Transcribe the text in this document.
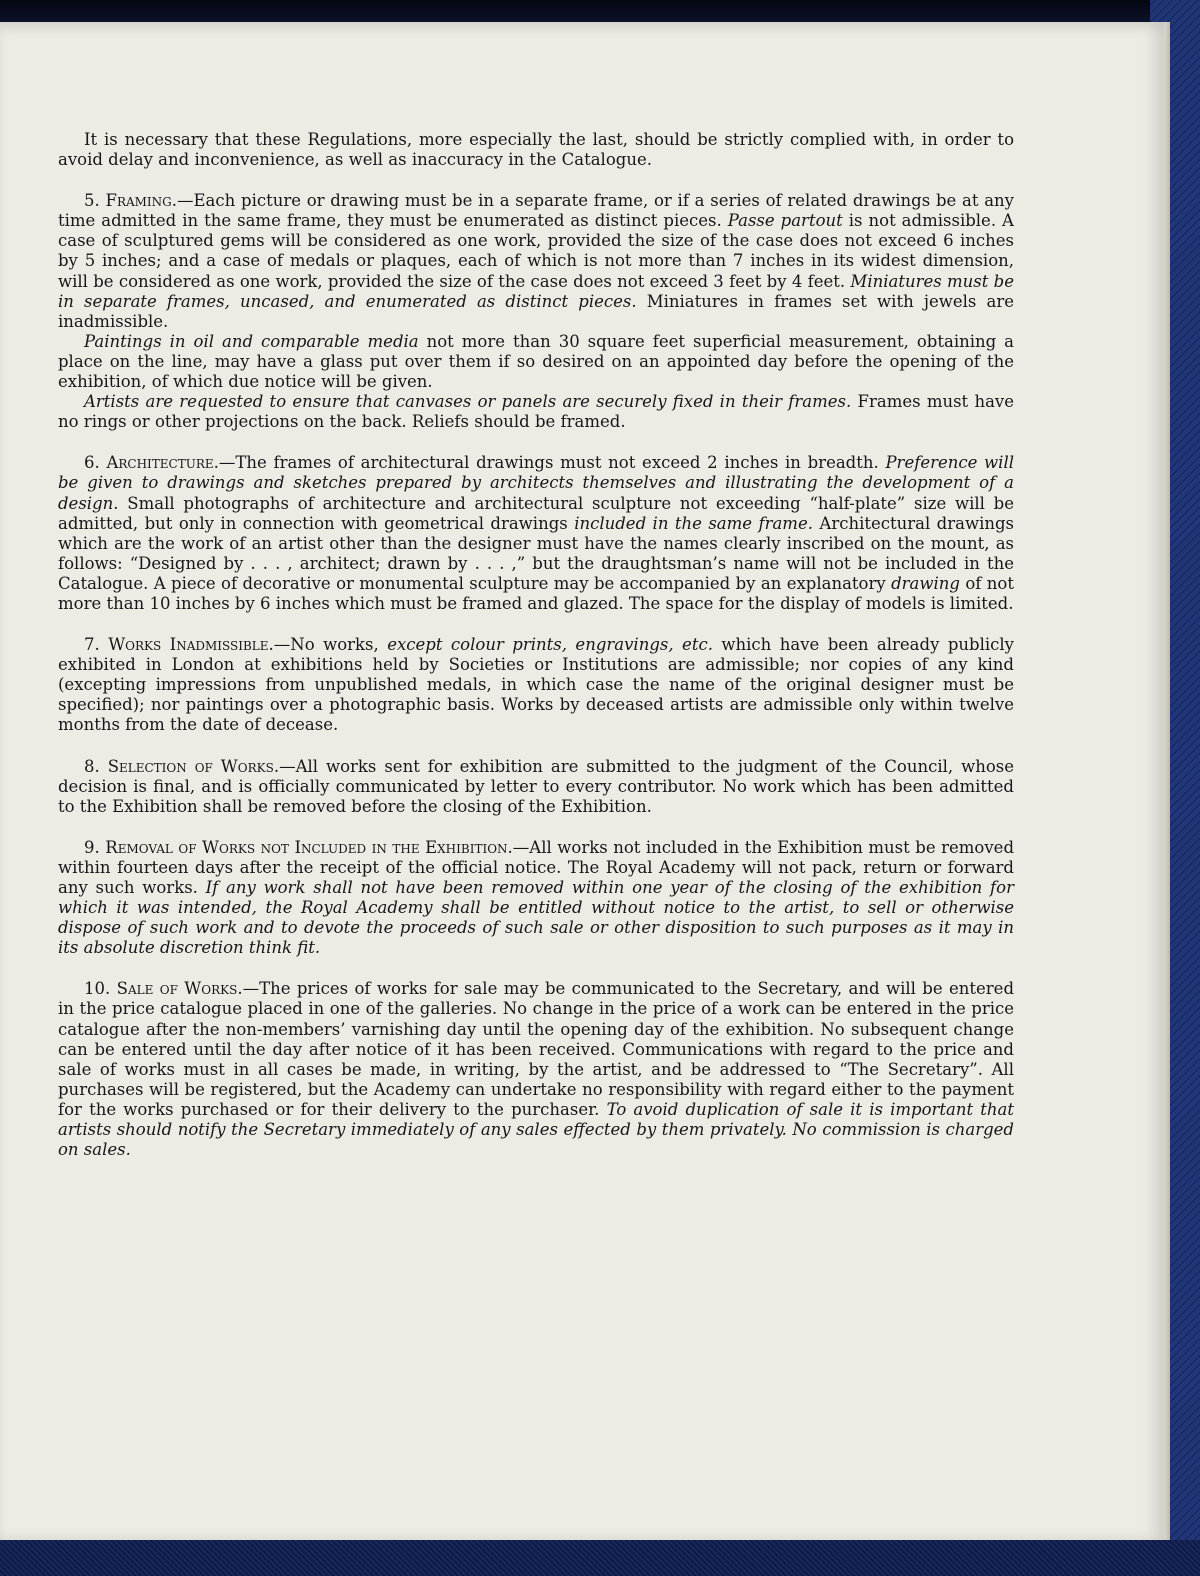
It is necessary that these Regulations, more especially the last, should be strictly complied with, in order to avoid delay and inconvenience, as well as inaccuracy in the Catalogue.

5. Framing.—Each picture or drawing must be in a separate frame, or if a series of related drawings be at any time admitted in the same frame, they must be enumerated as distinct pieces. Passe partout is not admissible. A case of sculptured gems will be considered as one work, provided the size of the case does not exceed 6 inches by 5 inches; and a case of medals or plaques, each of which is not more than 7 inches in its widest dimension, will be considered as one work, provided the size of the case does not exceed 3 feet by 4 feet. Miniatures must be in separate frames, uncased, and enumerated as distinct pieces. Miniatures in frames set with jewels are inadmissible.

Paintings in oil and comparable media not more than 30 square feet superficial measurement, obtaining a place on the line, may have a glass put over them if so desired on an appointed day before the opening of the exhibition, of which due notice will be given.

Artists are requested to ensure that canvases or panels are securely fixed in their frames. Frames must have no rings or other projections on the back. Reliefs should be framed.

6. Architecture.—The frames of architectural drawings must not exceed 2 inches in breadth. Preference will be given to drawings and sketches prepared by architects themselves and illustrating the development of a design. Small photographs of architecture and architectural sculpture not exceeding “half-plate” size will be admitted, but only in connection with geometrical drawings included in the same frame. Architectural drawings which are the work of an artist other than the designer must have the names clearly inscribed on the mount, as follows: “Designed by . . . , architect; drawn by . . . ,” but the draughtsman’s name will not be included in the Catalogue. A piece of decorative or monumental sculpture may be accompanied by an explanatory drawing of not more than 10 inches by 6 inches which must be framed and glazed. The space for the display of models is limited.

7. Works Inadmissible.—No works, except colour prints, engravings, etc. which have been already publicly exhibited in London at exhibitions held by Societies or Institutions are admissible; nor copies of any kind (excepting impressions from unpublished medals, in which case the name of the original designer must be specified); nor paintings over a photographic basis. Works by deceased artists are admissible only within twelve months from the date of decease.

8. Selection of Works.—All works sent for exhibition are submitted to the judgment of the Council, whose decision is final, and is officially communicated by letter to every contributor. No work which has been admitted to the Exhibition shall be removed before the closing of the Exhibition.

9. Removal of Works not Included in the Exhibition.—All works not included in the Exhibition must be removed within fourteen days after the receipt of the official notice. The Royal Academy will not pack, return or forward any such works. If any work shall not have been removed within one year of the closing of the exhibition for which it was intended, the Royal Academy shall be entitled without notice to the artist, to sell or otherwise dispose of such work and to devote the proceeds of such sale or other disposition to such purposes as it may in its absolute discretion think fit.

10. Sale of Works.—The prices of works for sale may be communicated to the Secretary, and will be entered in the price catalogue placed in one of the galleries. No change in the price of a work can be entered in the price catalogue after the non-members’ varnishing day until the opening day of the exhibition. No subsequent change can be entered until the day after notice of it has been received. Communications with regard to the price and sale of works must in all cases be made, in writing, by the artist, and be addressed to “The Secretary”. All purchases will be registered, but the Academy can undertake no responsibility with regard either to the payment for the works purchased or for their delivery to the purchaser. To avoid duplication of sale it is important that artists should notify the Secretary immediately of any sales effected by them privately. No commission is charged on sales.
